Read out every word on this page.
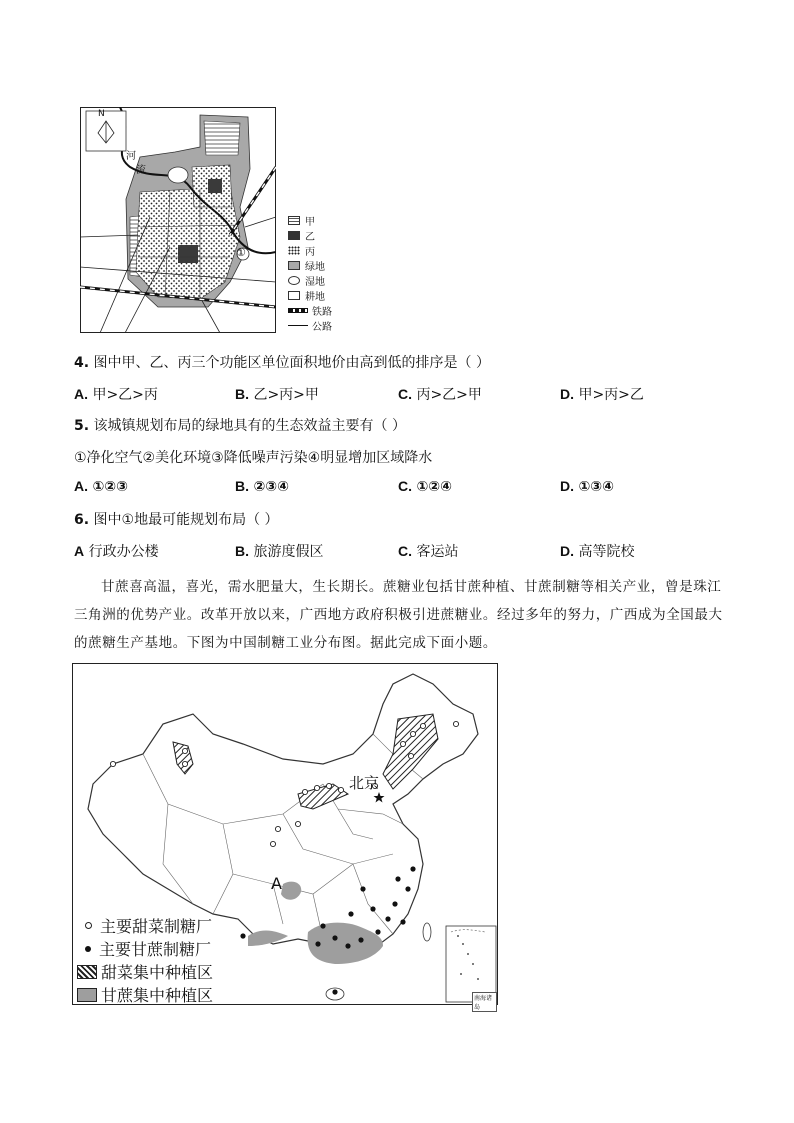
N
河
流
①
甲
乙
丙
绿地
湿地
耕地
铁路
公路
4. 图中甲、乙、丙三个功能区单位面积地价由高到低的排序是（ ）
A. 甲>乙>丙	B. 乙>丙>甲	C. 丙>乙>甲	D. 甲>丙>乙
5. 该城镇规划布局的绿地具有的生态效益主要有（ ）
①净化空气②美化环境③降低噪声污染④明显增加区域降水
A. ①②③	B. ②③④	C. ①②④	D. ①③④
6. 图中①地最可能规划布局（ ）
A 行政办公楼	B. 旅游度假区	C. 客运站	D. 高等院校
甘蔗喜高温，喜光，需水肥量大，生长期长。蔗糖业包括甘蔗种植、甘蔗制糖等相关产业，曾是珠江
三角洲的优势产业。改革开放以来，广西地方政府积极引进蔗糖业。经过多年的努力，广西成为全国最大
的蔗糖生产基地。下图为中国制糖工业分布图。据此完成下面小题。
北京
A
南海诸岛
主要甜菜制糖厂
主要甘蔗制糖厂
甜菜集中种植区
甘蔗集中种植区
